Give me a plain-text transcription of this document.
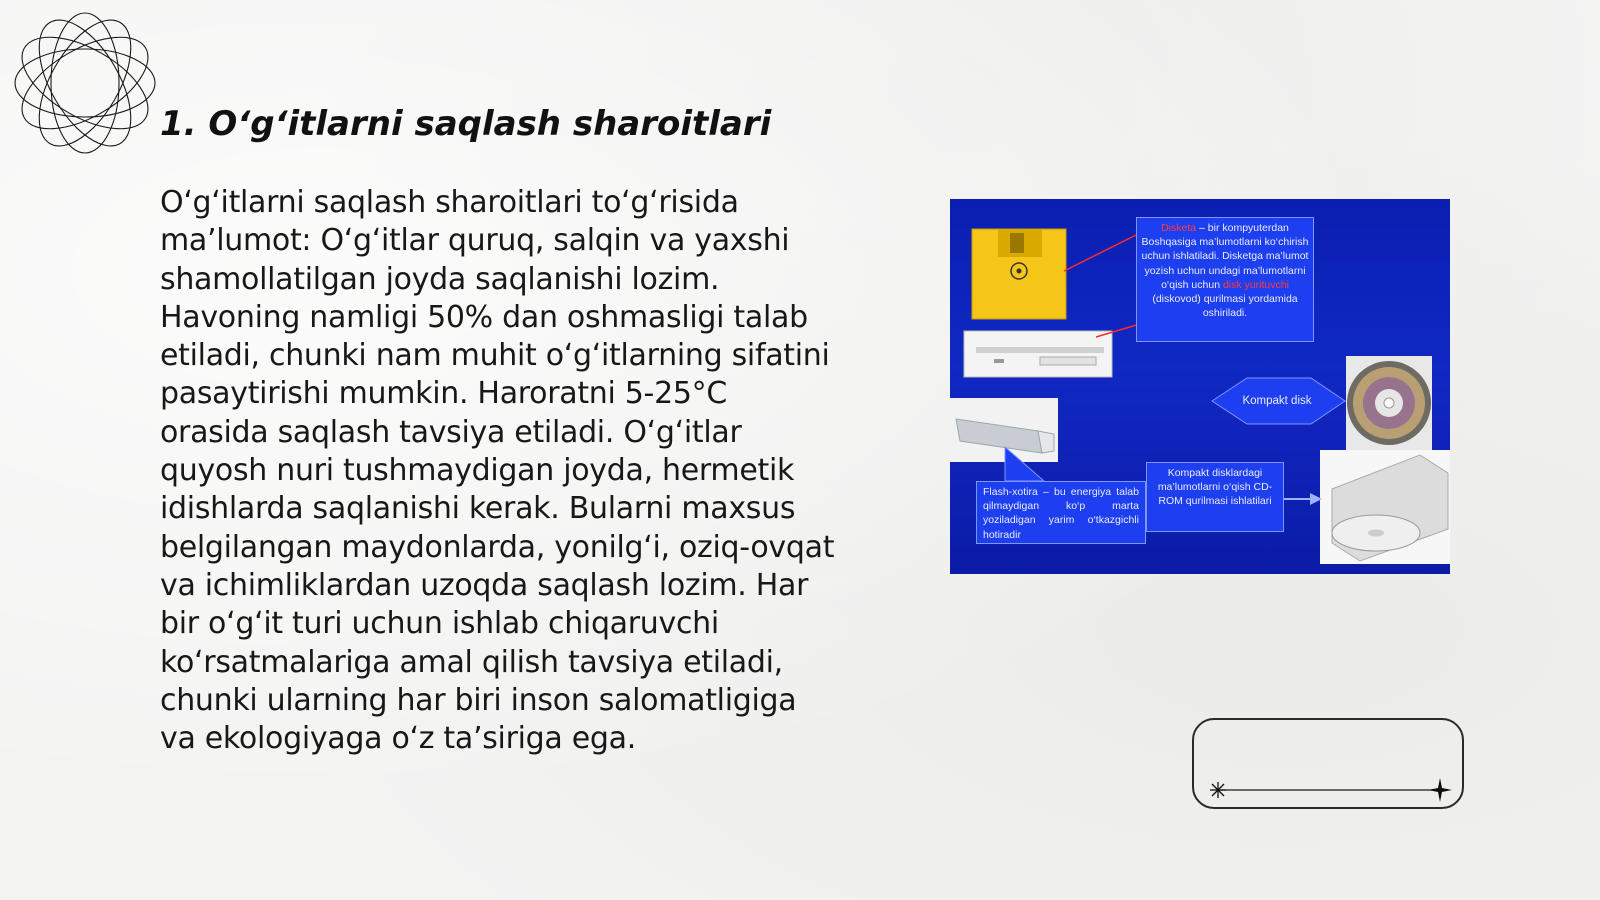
1. O‘g‘itlarni saqlash sharoitlari

O‘g‘itlarni saqlash sharoitlari to‘g‘risida ma’lumot: O‘g‘itlar quruq, salqin va yaxshi shamollatilgan joyda saqlanishi lozim. Havoning namligi 50% dan oshmasligi talab etiladi, chunki nam muhit o‘g‘itlarning sifatini pasaytirishi mumkin. Haroratni 5-25°C orasida saqlash tavsiya etiladi. O‘g‘itlar quyosh nuri tushmaydigan joyda, hermetik idishlarda saqlanishi kerak. Bularni maxsus belgilangan maydonlarda, yonilg‘i, oziq-ovqat va ichimliklardan uzoqda saqlash lozim. Har bir o‘g‘it turi uchun ishlab chiqaruvchi ko‘rsatmalariga amal qilish tavsiya etiladi, chunki ularning har biri inson salomatligiga va ekologiyaga o‘z ta’siriga ega.

Disketa – bir kompyuterdan Boshqasiga ma’lumotlarni ko‘chirish uchun ishlatiladi. Disketga ma’lumot yozish uchun undagi ma’lumotlarni o‘qish uchun disk yurituvchi (diskovod) qurilmasi yordamida oshiriladi.
Kompakt disk
Flash-xotira – bu energiya talab qilmaydigan ko‘p marta yoziladigan yarim o‘tkazgichli hotiradir
Kompakt disklardagi ma’lumotlarni o‘qish CD-ROM qurilmasi ishlatilari
